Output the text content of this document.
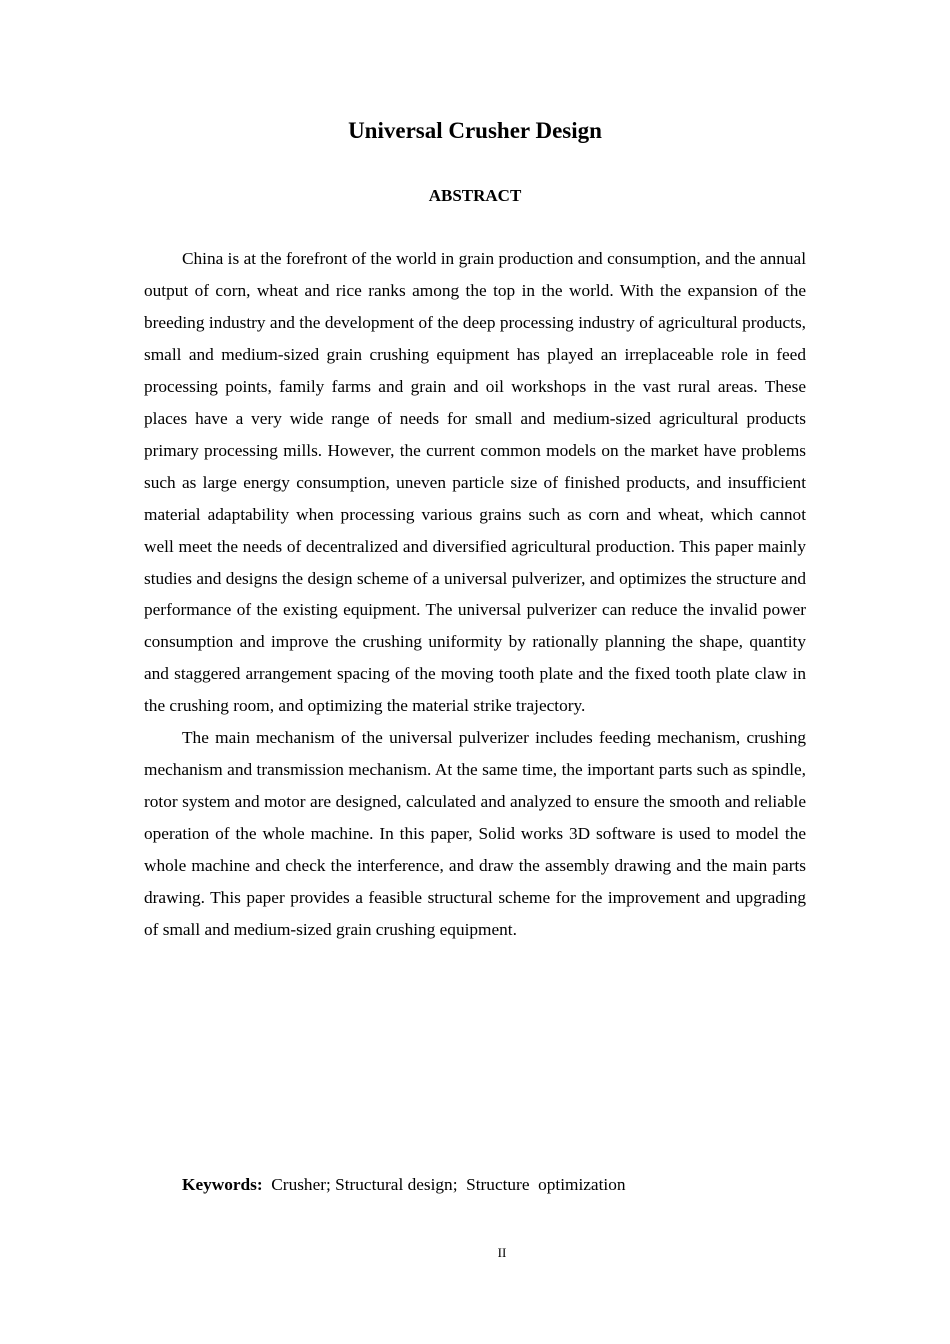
Universal Crusher Design
ABSTRACT

China is at the forefront of the world in grain production and consumption, and the annual output of corn, wheat and rice ranks among the top in the world. With the expansion of the breeding industry and the development of the deep processing industry of agricultural products, small and medium-sized grain crushing equipment has played an irreplaceable role in feed processing points, family farms and grain and oil workshops in the vast rural areas. These places have a very wide range of needs for small and medium-sized agricultural products primary processing mills. However, the current common models on the market have problems such as large energy consumption, uneven particle size of finished products, and insufficient material adaptability when processing various grains such as corn and wheat, which cannot well meet the needs of decentralized and diversified agricultural production. This paper mainly studies and designs the design scheme of a universal pulverizer, and optimizes the structure and performance of the existing equipment. The universal pulverizer can reduce the invalid power consumption and improve the crushing uniformity by rationally planning the shape, quantity and staggered arrangement spacing of the moving tooth plate and the fixed tooth plate claw in the crushing room, and optimizing the material strike trajectory.

The main mechanism of the universal pulverizer includes feeding mechanism, crushing mechanism and transmission mechanism. At the same time, the important parts such as spindle, rotor system and motor are designed, calculated and analyzed to ensure the smooth and reliable operation of the whole machine. In this paper, Solid works 3D software is used to model the whole machine and check the interference, and draw the assembly drawing and the main parts drawing. This paper provides a feasible structural scheme for the improvement and upgrading of small and medium-sized grain crushing equipment.

Keywords: Crusher; Structural design;  Structure  optimization
II
